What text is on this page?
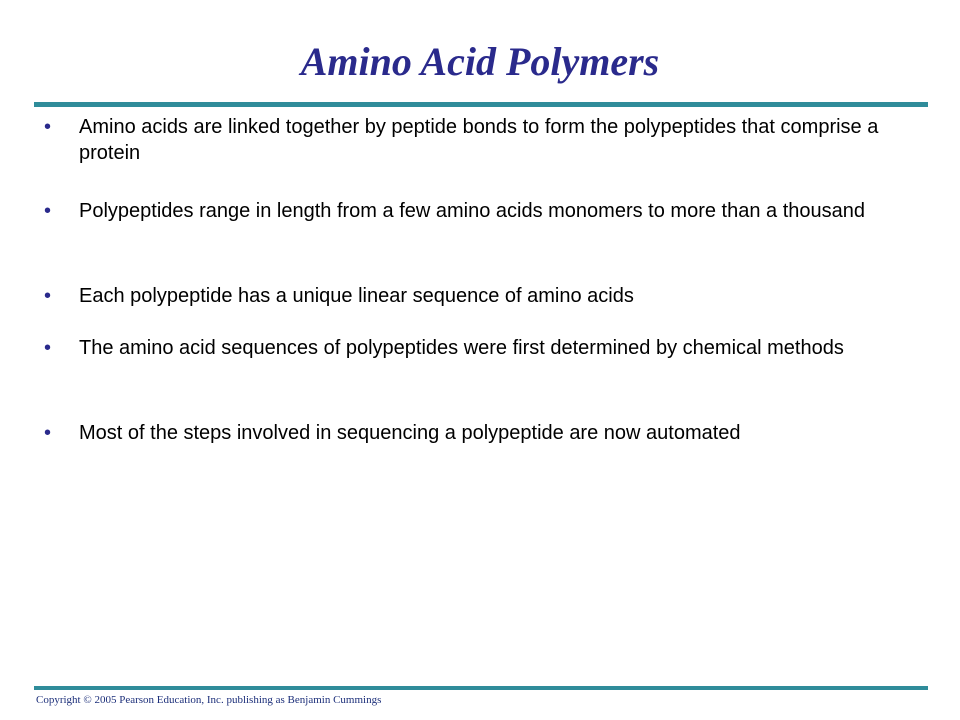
Amino Acid Polymers
•	Amino acids are linked together by peptide bonds to form the polypeptides that comprise a protein
•	Polypeptides range in length from a few amino acids monomers to more than a thousand
•	Each polypeptide has a unique linear sequence of amino acids
•	The amino acid sequences of polypeptides were first determined by chemical methods
•	Most of the steps involved in sequencing a polypeptide are now automated
Copyright © 2005 Pearson Education, Inc. publishing as Benjamin Cummings
